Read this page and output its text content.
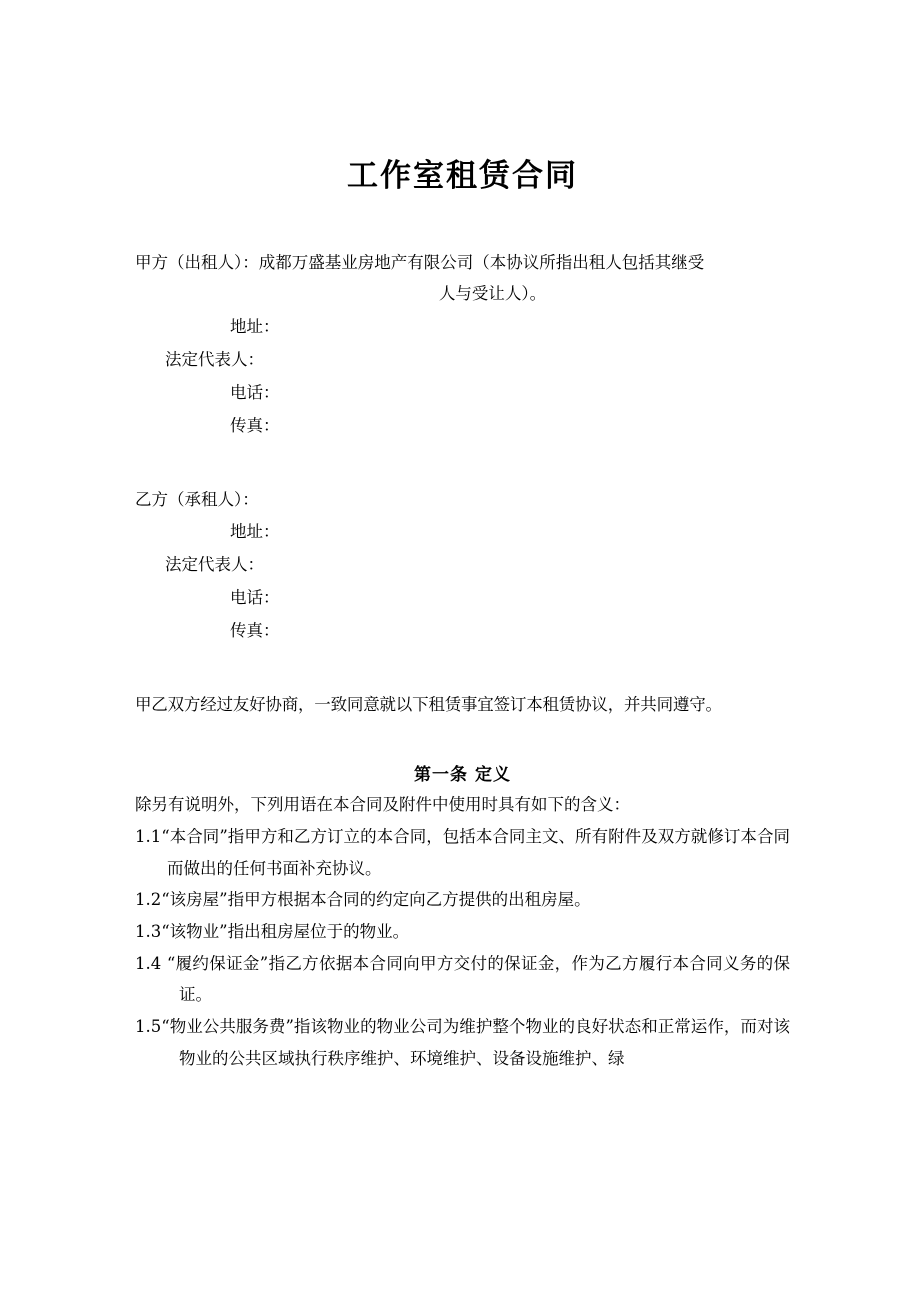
工作室租赁合同

甲方（出租人）：成都万盛基业房地产有限公司（本协议所指出租人包括其继受

人与受让人）。

地址：

法定代表人：

电话：

传真：

乙方（承租人）：

地址：

法定代表人：

电话：

传真：

甲乙双方经过友好协商，一致同意就以下租赁事宜签订本租赁协议，并共同遵守。

第一条 定义

除另有说明外，下列用语在本合同及附件中使用时具有如下的含义：

1.1“本合同”指甲方和乙方订立的本合同，包括本合同主文、所有附件及双方就修订本合同而做出的任何书面补充协议。

1.2“该房屋”指甲方根据本合同的约定向乙方提供的出租房屋。

1.3“该物业”指出租房屋位于的物业。

1.4 “履约保证金”指乙方依据本合同向甲方交付的保证金，作为乙方履行本合同义务的保证。

1.5“物业公共服务费”指该物业的物业公司为维护整个物业的良好状态和正常运作，而对该物业的公共区域执行秩序维护、环境维护、设备设施维护、绿
